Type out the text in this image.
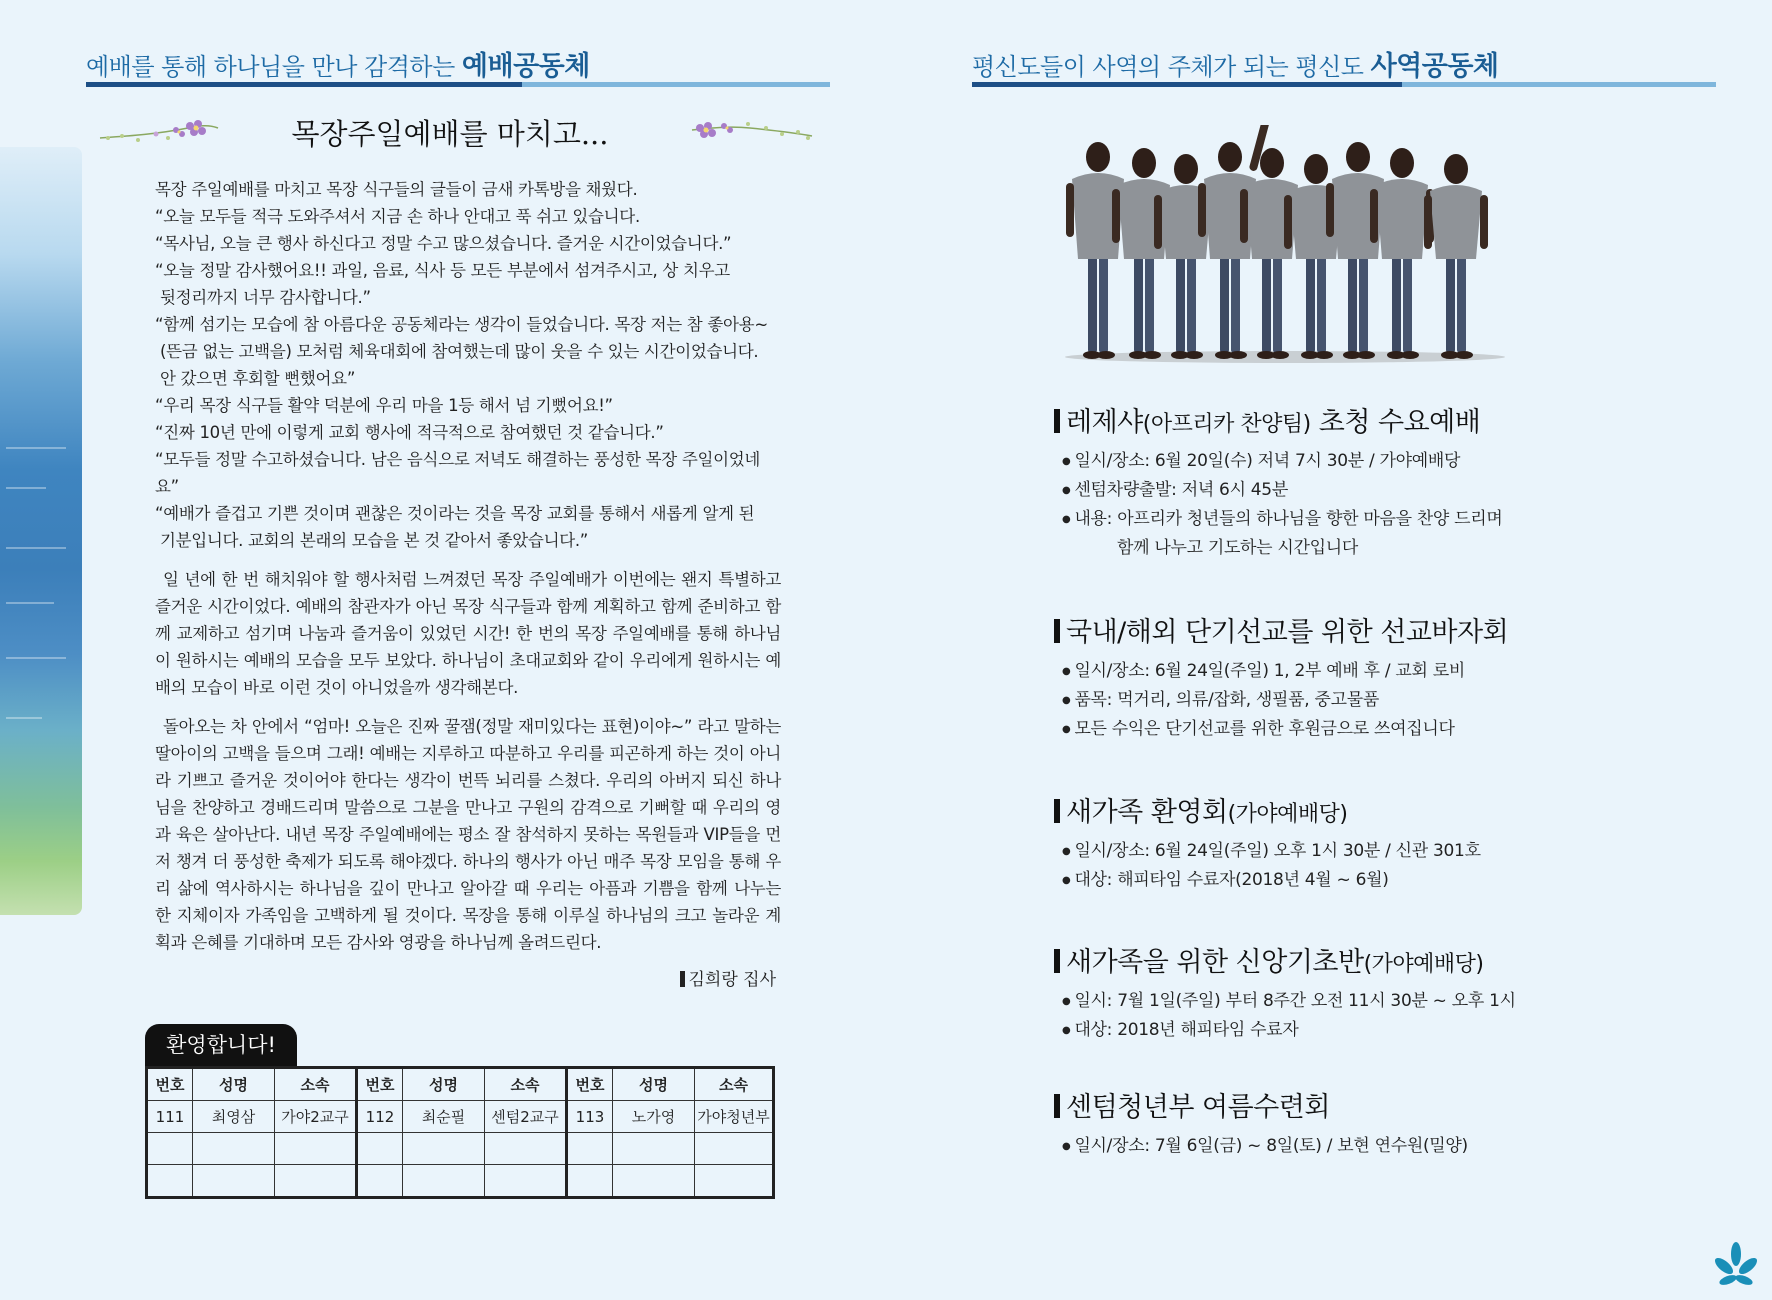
예배를 통해 하나님을 만나 감격하는 예배공동체
목장주일예배를 마치고...

목장 주일예배를 마치고 목장 식구들의 글들이 금새 카톡방을 채웠다.

“오늘 모두들 적극 도와주셔서 지금 손 하나 안대고 푹 쉬고 있습니다.

“목사님, 오늘 큰 행사 하신다고 정말 수고 많으셨습니다. 즐거운 시간이었습니다.”

“오늘 정말 감사했어요!! 과일, 음료, 식사 등 모든 부분에서 섬겨주시고, 상 치우고

뒷정리까지 너무 감사합니다.”

“함께 섬기는 모습에 참 아름다운 공동체라는 생각이 들었습니다. 목장 저는 참 좋아용~

(뜬금 없는 고백을) 모처럼 체육대회에 참여했는데 많이 웃을 수 있는 시간이었습니다.

안 갔으면 후회할 뻔했어요”

“우리 목장 식구들 활약 덕분에 우리 마을 1등 해서 넘 기뻤어요!”

“진짜 10년 만에 이렇게 교회 행사에 적극적으로 참여했던 것 같습니다.”

“모두들 정말 수고하셨습니다. 남은 음식으로 저녁도 해결하는 풍성한 목장 주일이었네요”

“예배가 즐겁고 기쁜 것이며 괜찮은 것이라는 것을 목장 교회를 통해서 새롭게 알게 된

기분입니다. 교회의 본래의 모습을 본 것 같아서 좋았습니다.”

일 년에 한 번 해치워야 할 행사처럼 느껴졌던 목장 주일예배가 이번에는 왠지 특별하고 즐거운 시간이었다. 예배의 참관자가 아닌 목장 식구들과 함께 계획하고 함께 준비하고 함께 교제하고 섬기며 나눔과 즐거움이 있었던 시간! 한 번의 목장 주일예배를 통해 하나님이 원하시는 예배의 모습을 모두 보았다. 하나님이 초대교회와 같이 우리에게 원하시는 예배의 모습이 바로 이런 것이 아니었을까 생각해본다.

돌아오는 차 안에서 “엄마! 오늘은 진짜 꿀잼(정말 재미있다는 표현)이야~” 라고 말하는 딸아이의 고백을 들으며 그래! 예배는 지루하고 따분하고 우리를 피곤하게 하는 것이 아니라 기쁘고 즐거운 것이어야 한다는 생각이 번뜩 뇌리를 스쳤다. 우리의 아버지 되신 하나님을 찬양하고 경배드리며 말씀으로 그분을 만나고 구원의 감격으로 기뻐할 때 우리의 영과 육은 살아난다. 내년 목장 주일예배에는 평소 잘 참석하지 못하는 목원들과 VIP들을 먼저 챙겨 더 풍성한 축제가 되도록 해야겠다. 하나의 행사가 아닌 매주 목장 모임을 통해 우리 삶에 역사하시는 하나님을 깊이 만나고 알아갈 때 우리는 아픔과 기쁨을 함께 나누는 한 지체이자 가족임을 고백하게 될 것이다. 목장을 통해 이루실 하나님의 크고 놀라운 계획과 은혜를 기대하며 모든 감사와 영광을 하나님께 올려드린다.

김희랑 집사
환영합니다!
번호	성명	소속	번호	성명	소속	번호	성명	소속
111	최영삼	가야2교구	112	최순필	센텀2교구	113	노가영	가야청년부

평신도들이 사역의 주체가 되는 평신도 사역공동체
레제샤(아프리카 찬양팀) 초청 수요예배
● 일시/장소: 6월 20일(수) 저녁 7시 30분 / 가야예배당
● 센텀차량출발: 저녁 6시 45분
● 내용: 아프리카 청년들의 하나님을 향한 마음을 찬양 드리며
함께 나누고 기도하는 시간입니다
국내/해외 단기선교를 위한 선교바자회
● 일시/장소: 6월 24일(주일) 1, 2부 예배 후 / 교회 로비
● 품목: 먹거리, 의류/잡화, 생필품, 중고물품
● 모든 수익은 단기선교를 위한 후원금으로 쓰여집니다
새가족 환영회(가야예배당)
● 일시/장소: 6월 24일(주일) 오후 1시 30분 / 신관 301호
● 대상: 해피타임 수료자(2018년 4월 ~ 6월)
새가족을 위한 신앙기초반(가야예배당)
● 일시: 7월 1일(주일) 부터 8주간 오전 11시 30분 ~ 오후 1시
● 대상: 2018년 해피타임 수료자
센텀청년부 여름수련회
● 일시/장소: 7월 6일(금) ~ 8일(토) / 보현 연수원(밀양)
